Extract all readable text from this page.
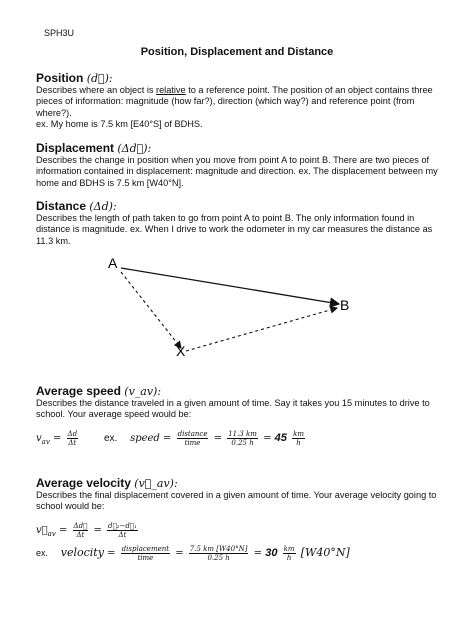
SPH3U
Position, Displacement and Distance
Position (d⃗):
Describes where an object is relative to a reference point. The position of an object contains three pieces of information: magnitude (how far?), direction (which way?) and reference point (from where?).
ex. My home is 7.5 km [E40°S] of BDHS.
Displacement (Δd⃗):
Describes the change in position when you move from point A to point B. There are two pieces of information contained in displacement: magnitude and direction. ex. The displacement between my home and BDHS is 7.5 km [W40°N].
Distance (Δd):
Describes the length of path taken to go from point A to point B. The only information found in distance is magnitude. ex. When I drive to work the odometer in my car measures the distance as 11.3 km.
A
B
X
Average speed (v_av):
Describes the distance traveled in a given amount of time. Say it takes you 15 minutes to drive to school. Your average speed would be:
$v_{av} = \frac{\Delta d}{\Delta t}$	ex. speed = $\frac{\text{distance}}{\text{time}} = \frac{11.3 km}{0.25 h} = 45 \frac{km}{h}$
Average velocity (v⃗_av):
Describes the final displacement covered in a given amount of time. Your average velocity going to school would be:
$v⃗_{av} = \frac{\Delta d⃗}{\Delta t} = \frac{\text{d⃗₂−d⃗₁}}{\Delta t}$
ex. velocity = $\frac{\text{displacement}}{\text{time}} = \frac{7.5 km [W40^\circ N]}{0.25 h} = 30 \frac{km}{h} [W40^\circ N]$
